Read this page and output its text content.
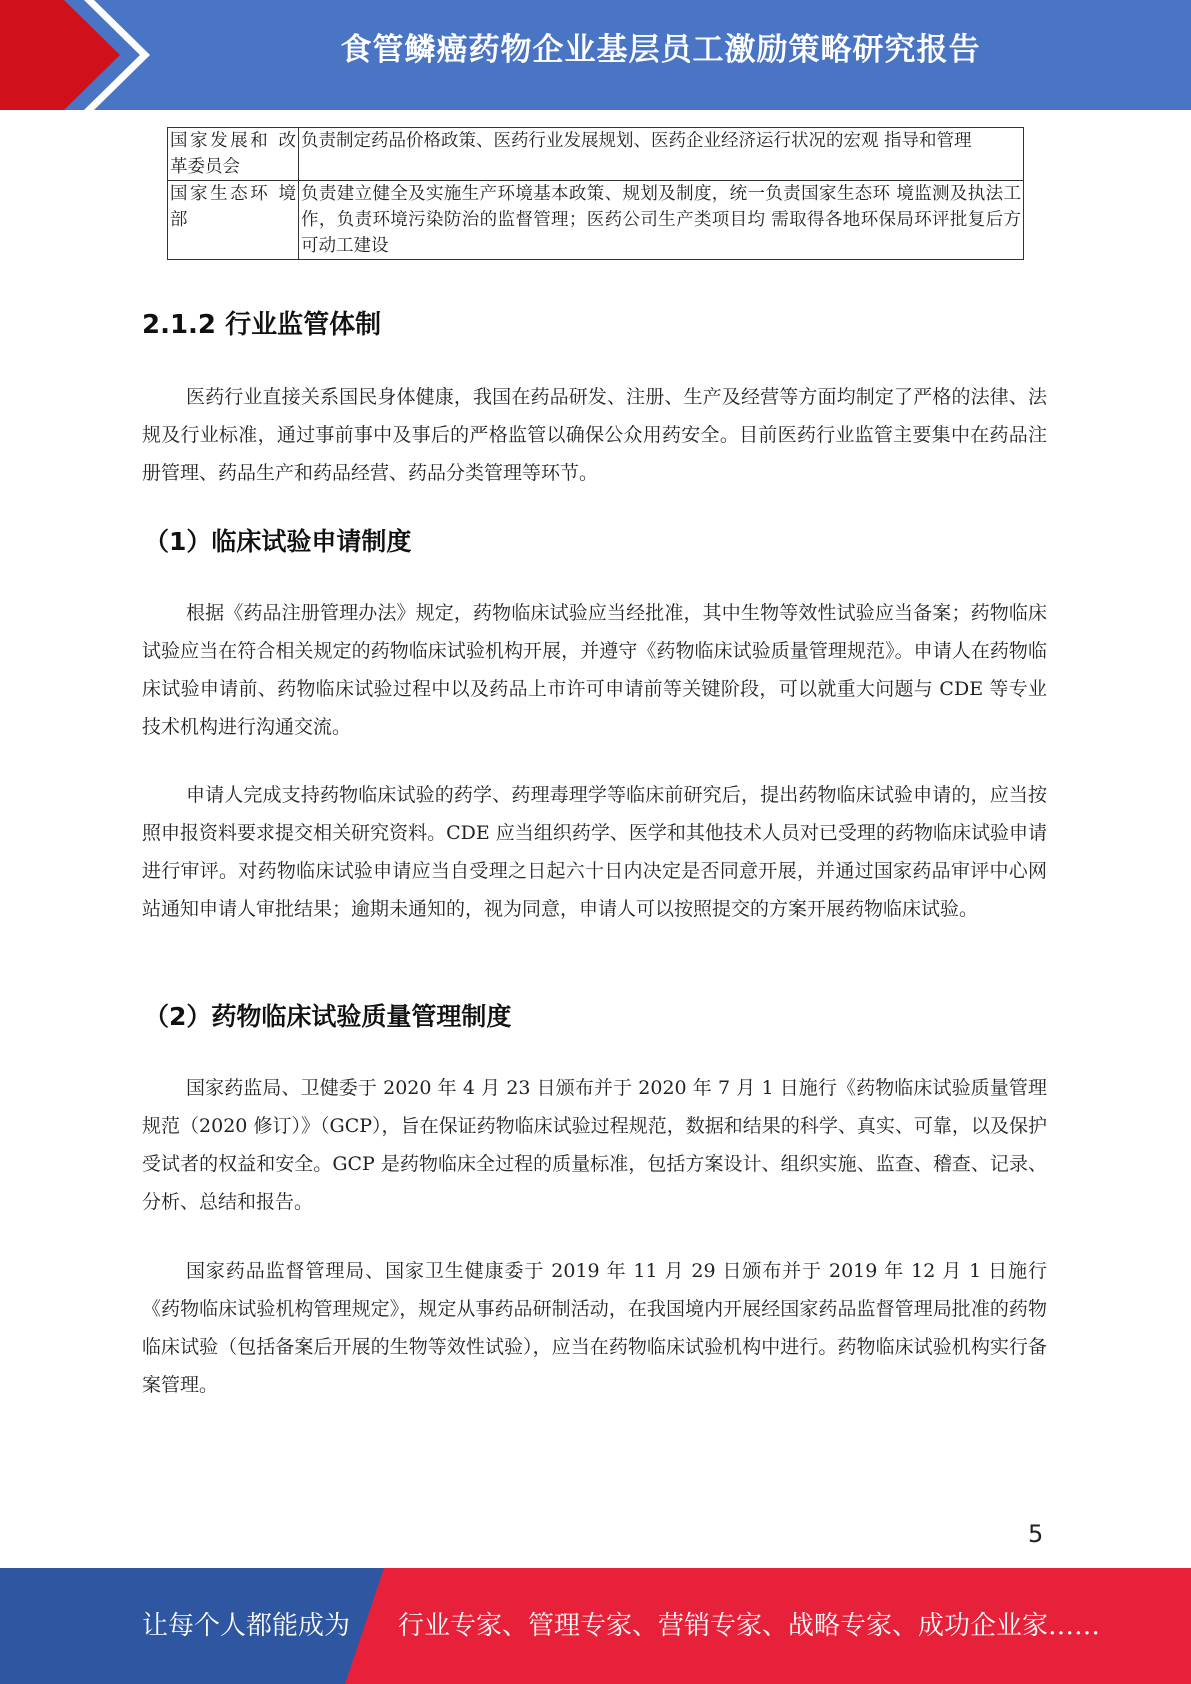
食管鳞癌药物企业基层员工激励策略研究报告
国家发展和 改革委员会	负责制定药品价格政策、医药行业发展规划、医药企业经济运行状况的宏观 指导和管理
国家生态环 境部	负责建立健全及实施生产环境基本政策、规划及制度，统一负责国家生态环 境监测及执法工作，负责环境污染防治的监督管理；医药公司生产类项目均 需取得各地环保局环评批复后方可动工建设
2.1.2 行业监管体制

医药行业直接关系国民身体健康，我国在药品研发、注册、生产及经营等方面均制定了严格的法律、法规及行业标准，通过事前事中及事后的严格监管以确保公众用药安全。目前医药行业监管主要集中在药品注册管理、药品生产和药品经营、药品分类管理等环节。

（1）临床试验申请制度

根据《药品注册管理办法》规定，药物临床试验应当经批准，其中生物等效性试验应当备案；药物临床试验应当在符合相关规定的药物临床试验机构开展，并遵守《药物临床试验质量管理规范》。申请人在药物临床试验申请前、药物临床试验过程中以及药品上市许可申请前等关键阶段，可以就重大问题与 CDE 等专业技术机构进行沟通交流。

申请人完成支持药物临床试验的药学、药理毒理学等临床前研究后，提出药物临床试验申请的，应当按照申报资料要求提交相关研究资料。CDE 应当组织药学、医学和其他技术人员对已受理的药物临床试验申请进行审评。对药物临床试验申请应当自受理之日起六十日内决定是否同意开展，并通过国家药品审评中心网站通知申请人审批结果；逾期未通知的，视为同意，申请人可以按照提交的方案开展药物临床试验。

（2）药物临床试验质量管理制度

国家药监局、卫健委于 2020 年 4 月 23 日颁布并于 2020 年 7 月 1 日施行《药物临床试验质量管理规范（2020 修订）》（GCP），旨在保证药物临床试验过程规范，数据和结果的科学、真实、可靠，以及保护受试者的权益和安全。GCP 是药物临床全过程的质量标准，包括方案设计、组织实施、监查、稽查、记录、分析、总结和报告。

国家药品监督管理局、国家卫生健康委于 2019 年 11 月 29 日颁布并于 2019 年 12 月 1 日施行《药物临床试验机构管理规定》，规定从事药品研制活动，在我国境内开展经国家药品监督管理局批准的药物临床试验（包括备案后开展的生物等效性试验），应当在药物临床试验机构中进行。药物临床试验机构实行备案管理。

5
让每个人都能成为 行业专家、管理专家、营销专家、战略专家、成功企业家……
